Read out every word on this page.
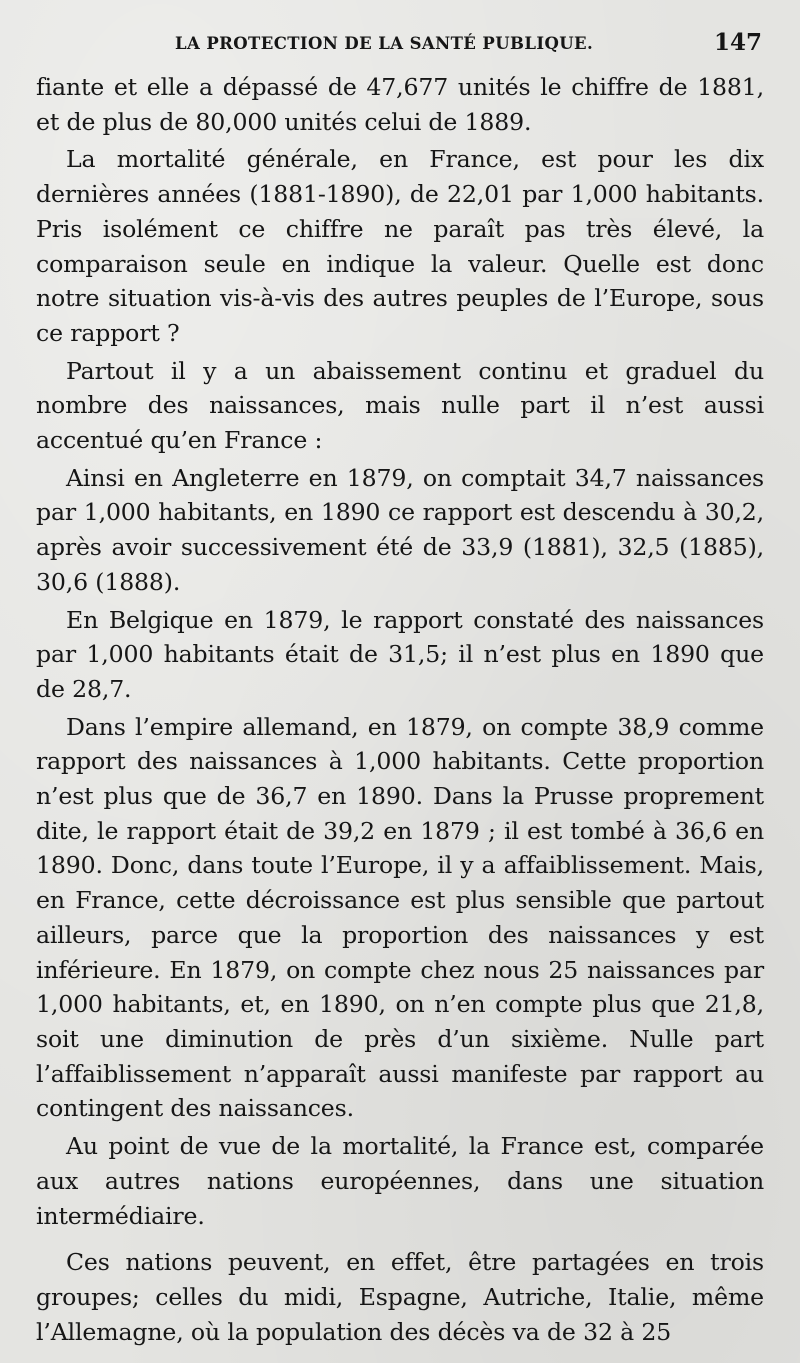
LA PROTECTION DE LA SANTÉ PUBLIQUE.	147

fiante et elle a dépassé de 47,677 unités le chiffre de 1881, et de plus de 80,000 unités celui de 1889.

La mortalité générale, en France, est pour les dix dernières années (1881-1890), de 22,01 par 1,000 habitants. Pris isolément ce chiffre ne paraît pas très élevé, la comparaison seule en indique la valeur. Quelle est donc notre situation vis-à-vis des autres peuples de l’Europe, sous ce rapport ?

Partout il y a un abaissement continu et graduel du nombre des naissances, mais nulle part il n’est aussi accentué qu’en France :

Ainsi en Angleterre en 1879, on comptait 34,7 naissances par 1,000 habitants, en 1890 ce rapport est descendu à 30,2, après avoir successivement été de 33,9 (1881), 32,5 (1885), 30,6 (1888).

En Belgique en 1879, le rapport constaté des naissances par 1,000 habitants était de 31,5; il n’est plus en 1890 que de 28,7.

Dans l’empire allemand, en 1879, on compte 38,9 comme rapport des naissances à 1,000 habitants. Cette proportion n’est plus que de 36,7 en 1890. Dans la Prusse proprement dite, le rapport était de 39,2 en 1879 ; il est tombé à 36,6 en 1890. Donc, dans toute l’Europe, il y a affaiblissement. Mais, en France, cette décroissance est plus sensible que partout ailleurs, parce que la proportion des naissances y est inférieure. En 1879, on compte chez nous 25 naissances par 1,000 habitants, et, en 1890, on n’en compte plus que 21,8, soit une diminution de près d’un sixième. Nulle part l’affaiblissement n’apparaît aussi manifeste par rapport au contingent des naissances.

Au point de vue de la mortalité, la France est, comparée aux autres nations européennes, dans une situation intermédiaire.

Ces nations peuvent, en effet, être partagées en trois groupes; celles du midi, Espagne, Autriche, Italie, même l’Allemagne, où la population des décès va de 32 à 25
